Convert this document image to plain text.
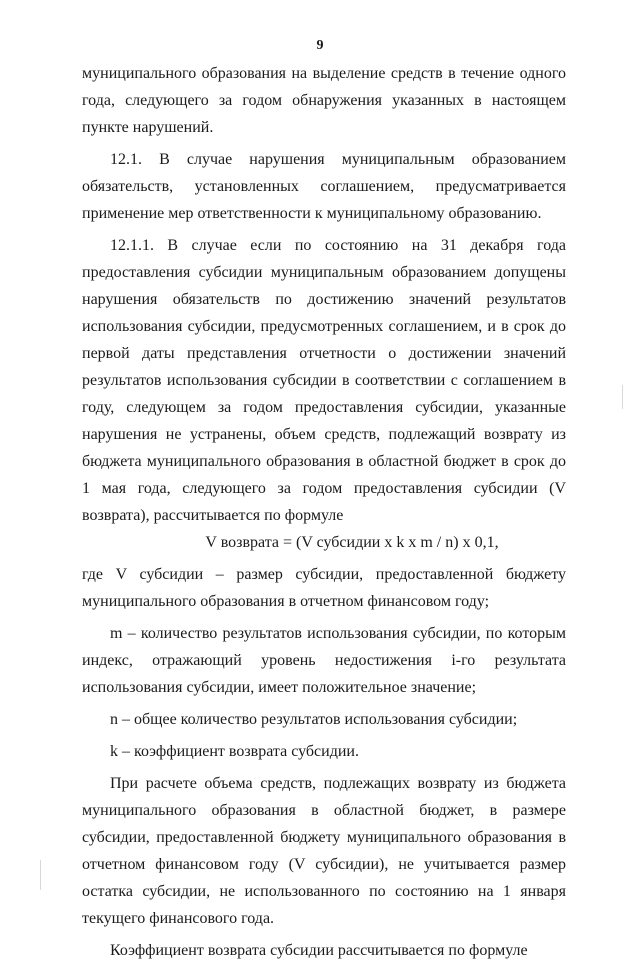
9

муниципального образования на выделение средств в течение одного года, следующего за годом обнаружения указанных в настоящем пункте нарушений.

12.1. В случае нарушения муниципальным образованием обязательств, установленных соглашением, предусматривается применение мер ответственности к муниципальному образованию.

12.1.1. В случае если по состоянию на 31 декабря года предоставления субсидии муниципальным образованием допущены нарушения обязательств по достижению значений результатов использования субсидии, предусмотренных соглашением, и в срок до первой даты представления отчетности о достижении значений результатов использования субсидии в соответствии с соглашением в году, следующем за годом предоставления субсидии, указанные нарушения не устранены, объем средств, подлежащий возврату из бюджета муниципального образования в областной бюджет в срок до 1 мая года, следующего за годом предоставления субсидии (V возврата), рассчитывается по формуле

V возврата = (V субсидии x k x m / n) x 0,1,

где V субсидии – размер субсидии, предоставленной бюджету муниципального образования в отчетном финансовом году;

m – количество результатов использования субсидии, по которым индекс, отражающий уровень недостижения i-го результата использования субсидии, имеет положительное значение;

n – общее количество результатов использования субсидии;

k – коэффициент возврата субсидии.

При расчете объема средств, подлежащих возврату из бюджета муниципального образования в областной бюджет, в размере субсидии, предоставленной бюджету муниципального образования в отчетном финансовом году (V субсидии), не учитывается размер остатка субсидии, не использованного по состоянию на 1 января текущего финансового года.

Коэффициент возврата субсидии рассчитывается по формуле
